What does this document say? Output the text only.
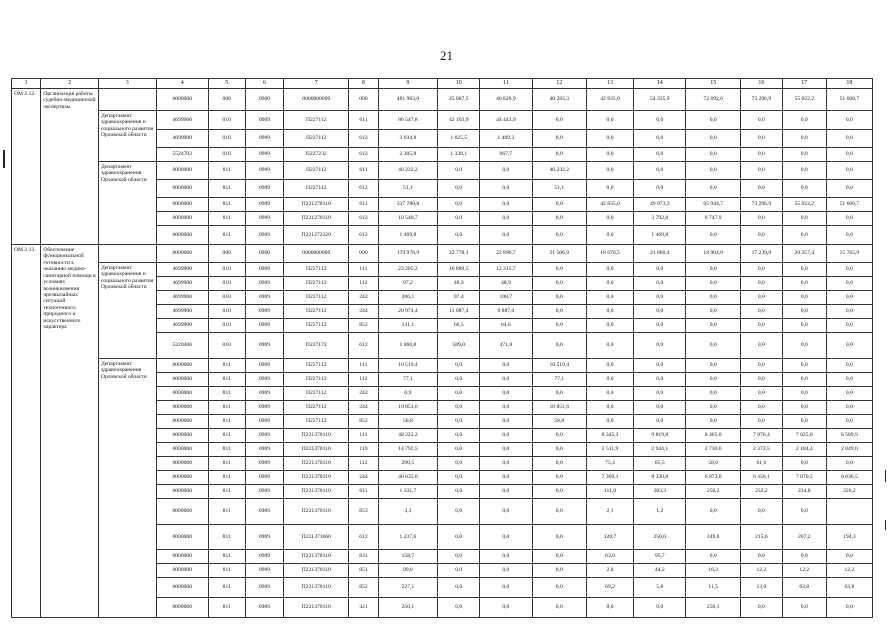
21
1	2	3	4	5	6	7	8	9	10	11	12	13	14	15	16	17	18
ОМ 2.12.	Организация работы судебно-медицинской экспертизы		0000000	000	0900	0000000000	000	481 963,0	45 067,5	46 820,9	40 283,3	42 835,0	54 335,9	72 692,6	73 296,9	55 022,2	51 608,7
		Департамент здравоохранения и социального развития Орловской области	4699900	010	0909	П227112	611	86 547,8	42 103,9	44 443,9	0,0	0,0	0,0	0,0	0,0	0,0	0,0
			4699900	010	0909	П227112	612	3 034,8	1 625,5	1 409,3	0,0	0,0	0,0	0,0	0,0	0,0	0,0
			5524702	010	0909	П227232	612	2 305,8	1 338,1	967,7	0,0	0,0	0,0	0,0	0,0	0,0	0,0
		Департамент здравоохранения Орловской области	0000000	811	0909	П227112	611	40 232,2	0,0	0,0	40 232,2	0,0	0,0	0,0	0,0	0,0	0,0
			0000000	811	0909	П227112	612	51,1	0,0	0,0	51,1	0,0	0,0	0,0	0,0	0,0	0,0
			0000000	811	0909	П221270110	611	337 780,8	0,0	0,0	0,0	42 835,0	49 073,3	65 944,7	73 296,9	55 022,2	51 608,7
			0000000	811	0909	П221270110	612	10 540,7	0,0	0,0	0,0	0,0	3 792,8	6 747,9	0,0	0,0	0,0
			0000000	811	0909	П221272320	612	1 469,8	0,0	0,0	0,0	0,0	1 469,8	0,0	0,0	0,0	0,0
ОМ 2.13.	Обеспечение функциональной готовности к оказанию медико-санитарной помощи в условиях возникновения чрезвычайных ситуаций техногенного, природного и искусственного характера		0000000	000	0900	0000000000	000	179 978,9	22 778,1	22 896,7	21 506,9	18 670,5	21 860,4	18 904,0	17 239,0	20 357,4	15 765,9
		Департамент здравоохранения и социального развития Орловской области	4699900	010	0909	П227112	111	23 205,2	10 889,5	12 315,7	0,0	0,0	0,0	0,0	0,0	0,0	0,0
			4699900	010	0909	П227112	112	97,2	48,3	48,9	0,0	0,0	0,0	0,0	0,0	0,0	0,0
			4699900	010	0909	П227112	242	206,1	97,4	108,7	0,0	0,0	0,0	0,0	0,0	0,0	0,0
			4699900	010	0909	П227112	244	20 974,4	11 087,4	9 887,0	0,0	0,0	0,0	0,0	0,0	0,0	0,0
			4699900	010	0909	П227112	852	131,1	66,5	64,6	0,0	0,0	0,0	0,0	0,0	0,0	0,0
			5220406	010	0909	П227172	612	1 060,8	589,0	471,8	0,0	0,0	0,0	0,0	0,0	0,0	0,0
		Департамент здравоохранения Орловской области	0000000	811	0909	П227112	111	10 519,4	0,0	0,0	10 519,4	0,0	0,0	0,0	0,0	0,0	0,0
			0000000	811	0909	П227112	112	77,1	0,0	0,0	77,1	0,0	0,0	0,0	0,0	0,0	0,0
			0000000	811	0909	П227112	242	0,9	0,0	0,0	0,0	0,0	0,0	0,0	0,0	0,0	0,0
			0000000	811	0909	П227112	244	10 851,6	0,0	0,0	10 851,6	0,0	0,0	0,0	0,0	0,0	0,0
			0000000	811	0909	П227112	852	58,8	0,0	0,0	58,8	0,0	0,0	0,0	0,0	0,0	0,0
			0000000	811	0909	П221370110	111	48 222,2	0,0	0,0	0,0	8 345,3	9 819,8	8 465,0	7 976,4	7 025,8	6 589,9
			0000000	811	0909	П221370110	119	14 792,5	0,0	0,0	0,0	2 511,9	2 944,1	2 730,6	2 372,5	2 184,4	2 049,0
			0000000	811	0909	П221370110	112	290,5	0,0	0,0	0,0	75,4	85,5	58,6	61,0	0,0	0,0
			0000000	811	0909	П221370110	244	40 635,0	0,0	0,0	0,0	7 369,1	8 330,8	6 872,0	6 356,1	7 070,5	6 636,5
			0000000	811	0909	П221370110	611	1 331,7	0,0	0,0	0,0	111,0	283,3	250,2	232,2	234,8	220,2
			0000000	811	0909	П221370110	853	3,3	0,0	0,0	0,0	2,1	1,2	0,0	0,0	0,0	
			0000000	811	0909	П221371660	612	1 237,6	0,0	0,0	0,0	120,7	250,0	249,8	215,6	207,2	194,3
			0000000	811	0909	П221370110	831	158,7	0,0	0,0	0,0	63,0	95,7	0,0	0,0	0,0	0,0
			0000000	811	0909	П221370110	851	99,8	0,0	0,0	0,0	2,8	44,2	16,2	12,2	12,2	12,2
			0000000	811	0909	П221370110	852	227,1	0,0	0,0	0,0	69,2	5,8	11,5	13,0	63,8	63,8
			0000000	811	0909	П221370110	321	250,1	0,0	0,0	0,0	0,0	0,0	250,1	0,0	0,0	0,0
